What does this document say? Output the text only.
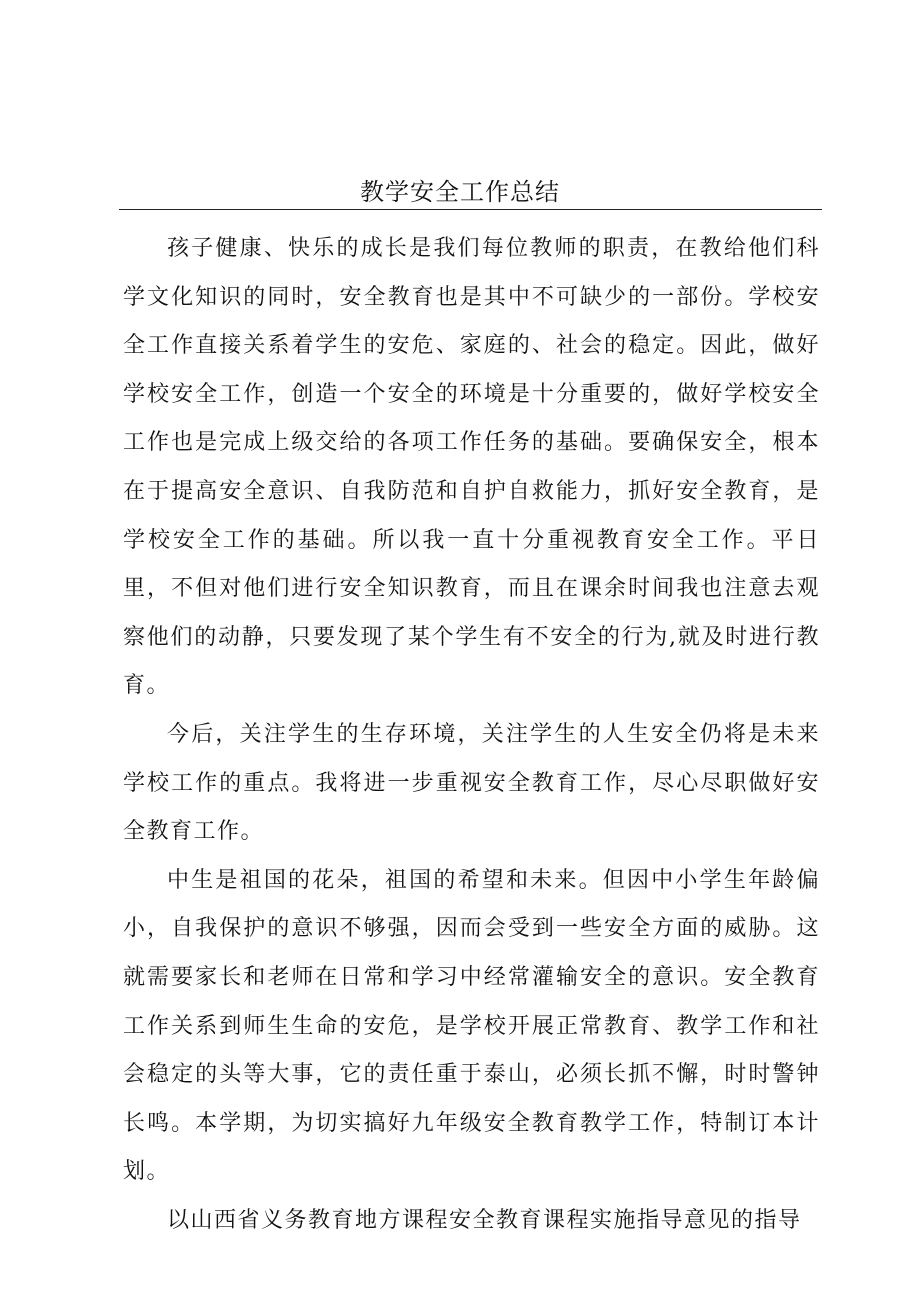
教学安全工作总结

孩子健康、快乐的成长是我们每位教师的职责，在教给他们科学文化知识的同时，安全教育也是其中不可缺少的一部份。学校安全工作直接关系着学生的安危、家庭的、社会的稳定。因此，做好学校安全工作，创造一个安全的环境是十分重要的，做好学校安全工作也是完成上级交给的各项工作任务的基础。要确保安全，根本在于提高安全意识、自我防范和自护自救能力，抓好安全教育，是学校安全工作的基础。所以我一直十分重视教育安全工作。平日里，不但对他们进行安全知识教育，而且在课余时间我也注意去观察他们的动静，只要发现了某个学生有不安全的行为,就及时进行教育。

今后，关注学生的生存环境，关注学生的人生安全仍将是未来学校工作的重点。我将进一步重视安全教育工作，尽心尽职做好安全教育工作。

中生是祖国的花朵，祖国的希望和未来。但因中小学生年龄偏小，自我保护的意识不够强，因而会受到一些安全方面的威胁。这就需要家长和老师在日常和学习中经常灌输安全的意识。安全教育工作关系到师生生命的安危，是学校开展正常教育、教学工作和社会稳定的头等大事，它的责任重于泰山，必须长抓不懈，时时警钟长鸣。本学期，为切实搞好九年级安全教育教学工作，特制订本计划。

以山西省义务教育地方课程安全教育课程实施指导意见的指导
